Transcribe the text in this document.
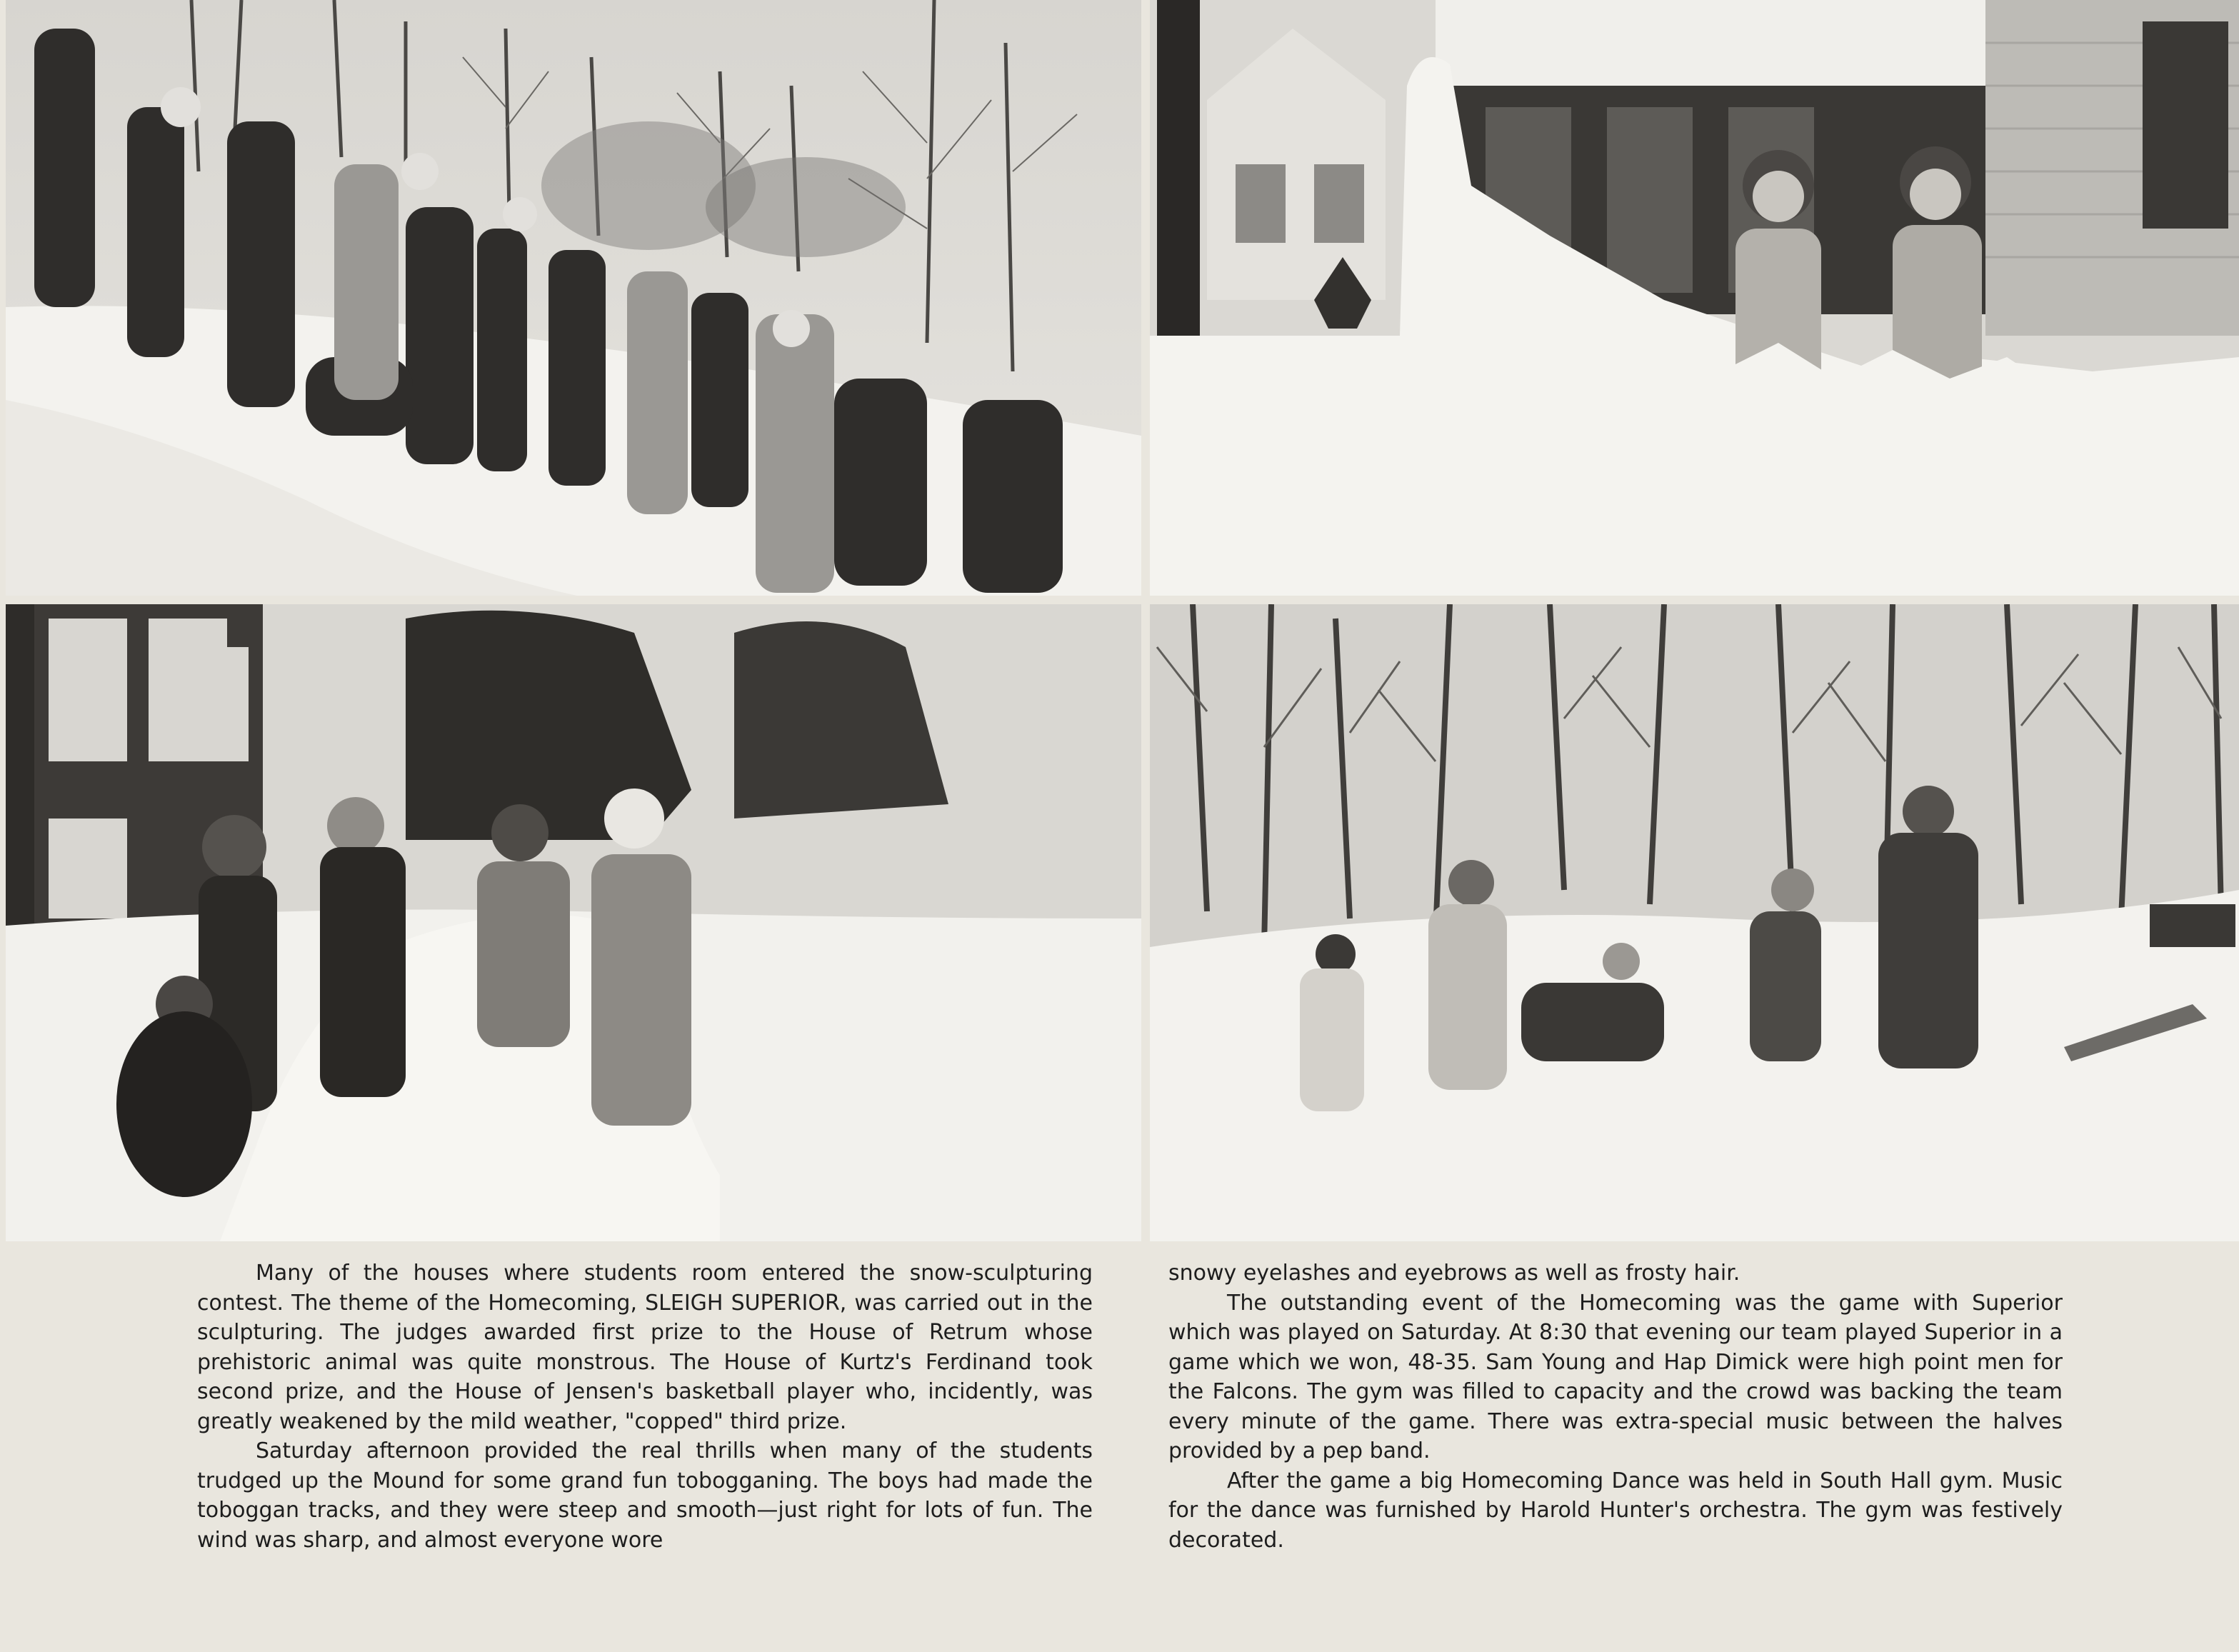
Many of the houses where students room entered the snow-sculpturing contest. The theme of the Homecoming, SLEIGH SUPERIOR, was carried out in the sculpturing. The judges awarded first prize to the House of Retrum whose prehistoric animal was quite monstrous. The House of Kurtz's Ferdinand took second prize, and the House of Jensen's basketball player who, incidently, was greatly weakened by the mild weather, "copped" third prize.

Saturday afternoon provided the real thrills when many of the students trudged up the Mound for some grand fun tobogganing. The boys had made the toboggan tracks, and they were steep and smooth—just right for lots of fun. The wind was sharp, and almost everyone wore

snowy eyelashes and eyebrows as well as frosty hair.

The outstanding event of the Homecoming was the game with Superior which was played on Saturday. At 8:30 that evening our team played Superior in a game which we won, 48-35. Sam Young and Hap Dimick were high point men for the Falcons. The gym was filled to capacity and the crowd was backing the team every minute of the game. There was extra-special music between the halves provided by a pep band.

After the game a big Homecoming Dance was held in South Hall gym. Music for the dance was furnished by Harold Hunter's orchestra. The gym was festively decorated.
